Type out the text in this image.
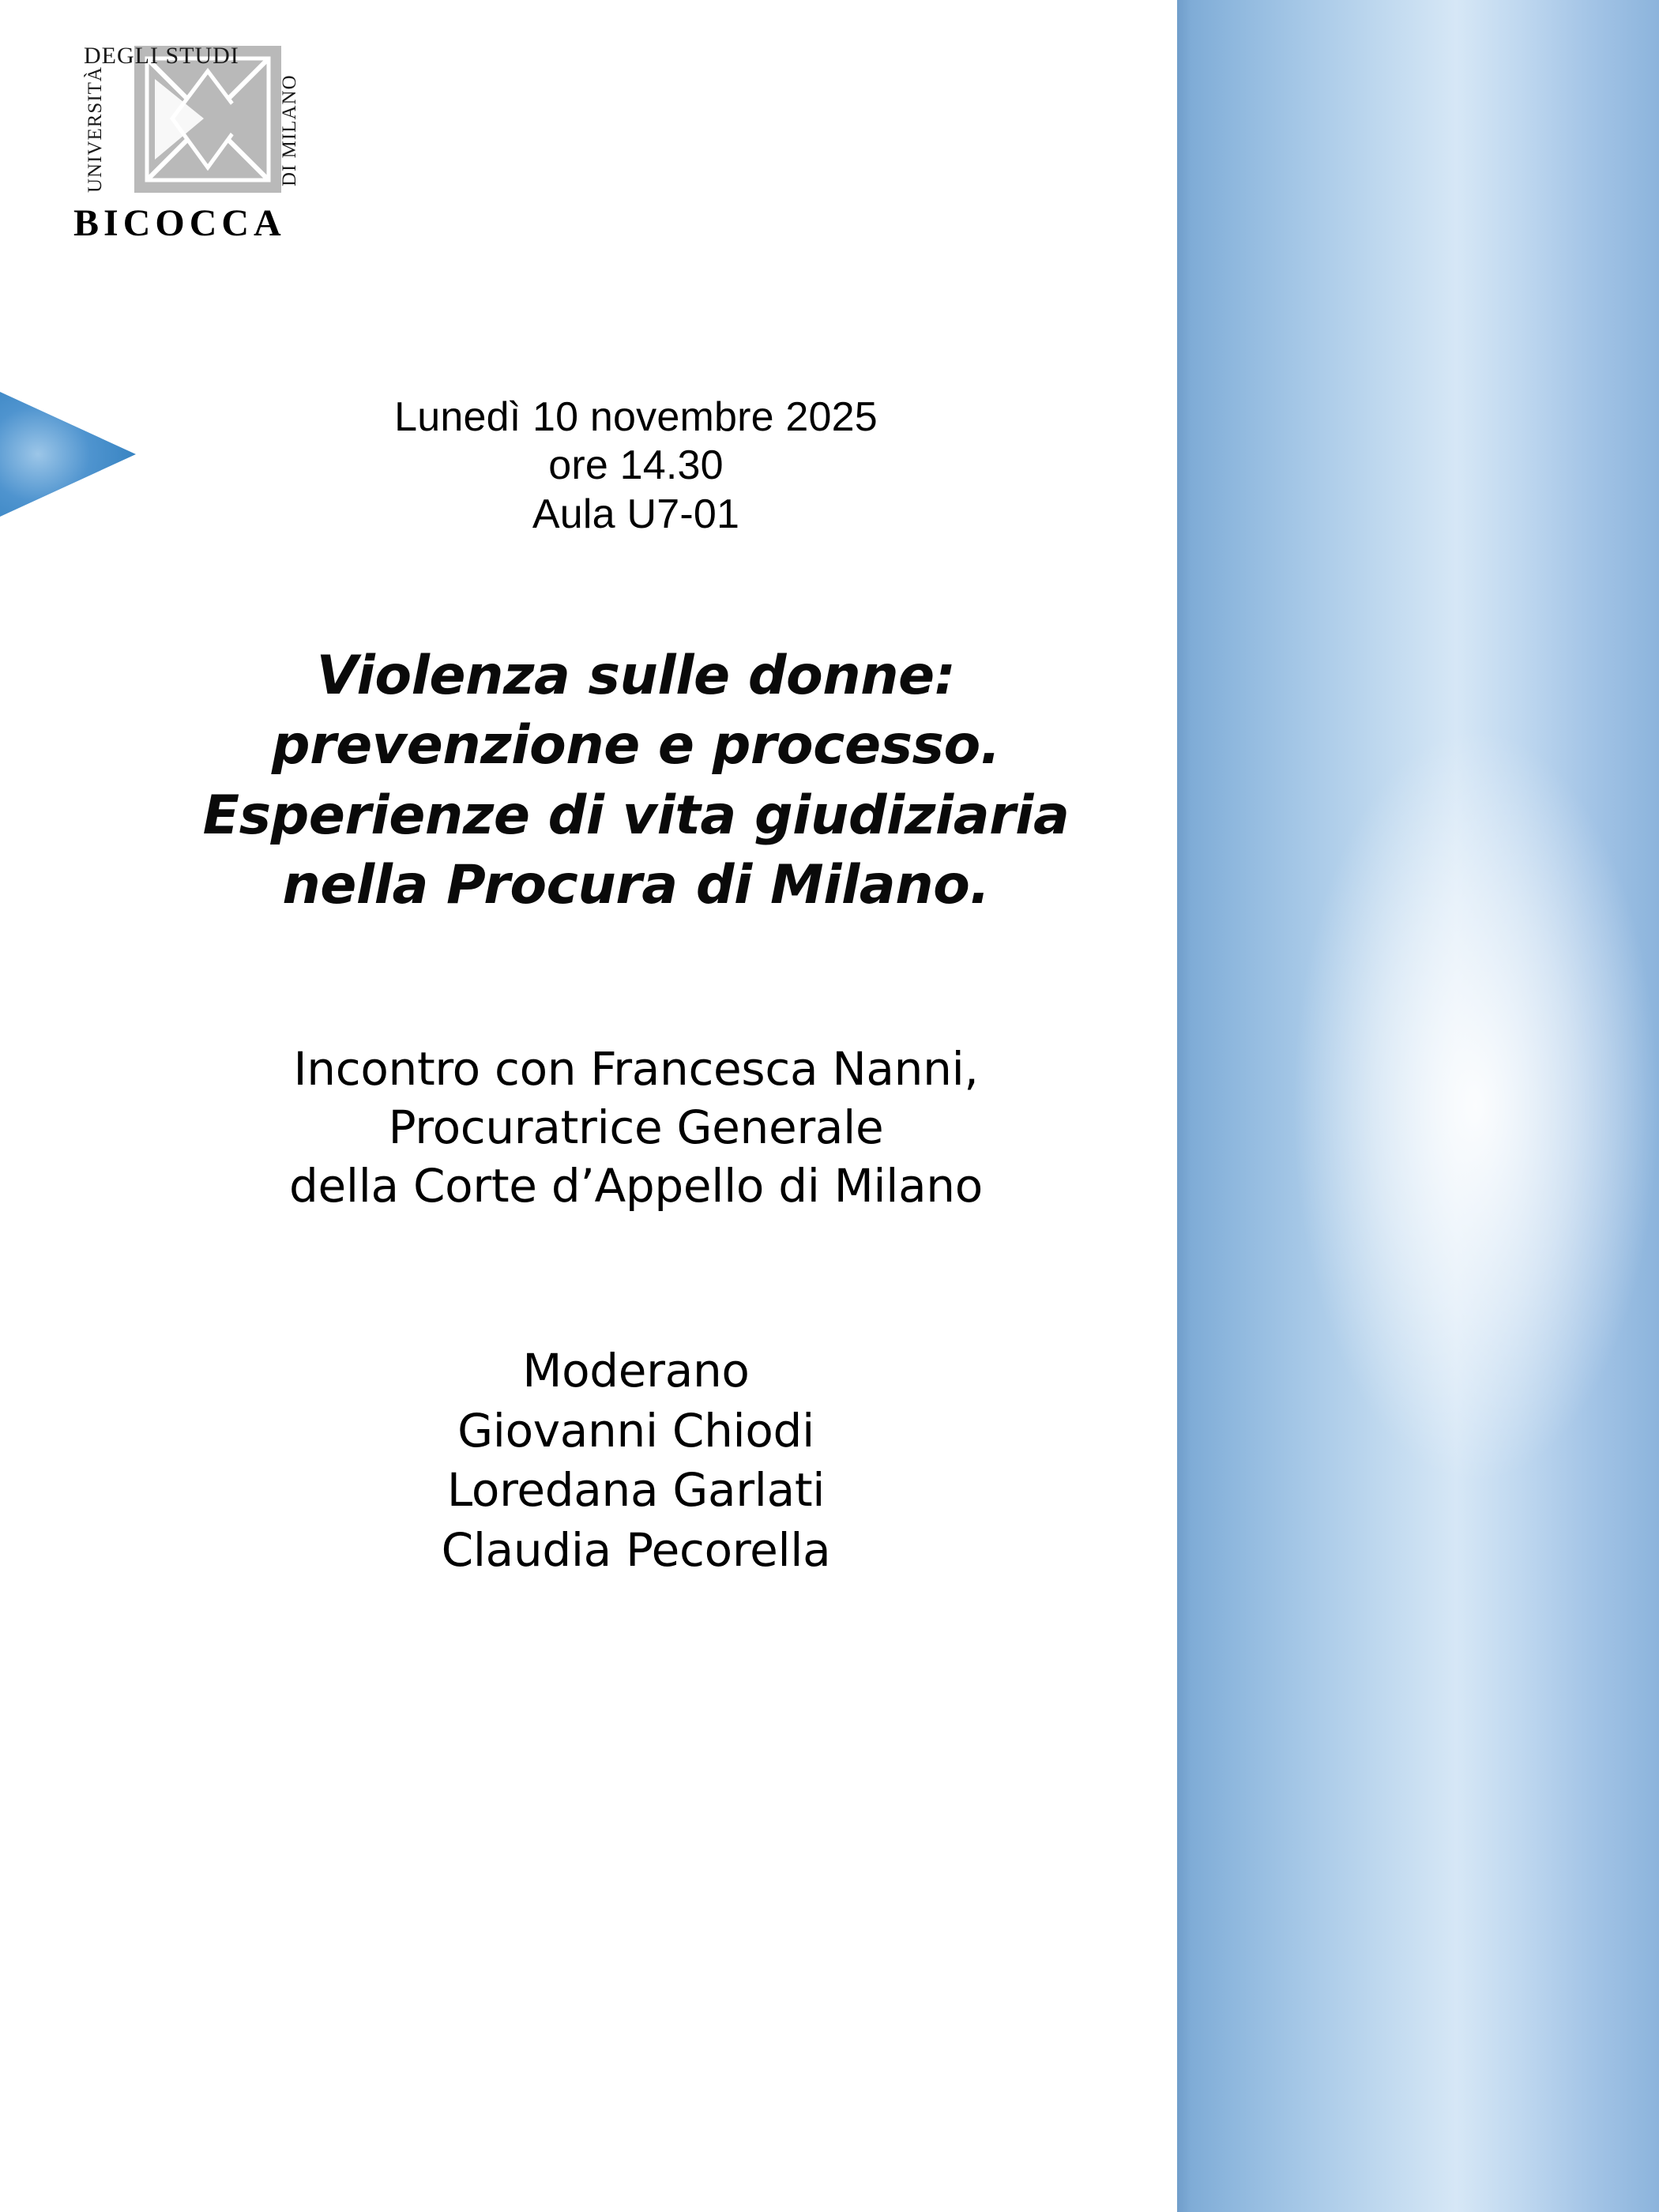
UNIVERSITÀ
DEGLI STUDI
DI MILANO
BICOCCA
Lunedì 10 novembre 2025
ore 14.30
Aula U7-01
Violenza sulle donne:
prevenzione e processo.
Esperienze di vita giudiziaria
nella Procura di Milano.
Incontro con Francesca Nanni,
Procuratrice Generale
della Corte d’Appello di Milano
Moderano
Giovanni Chiodi
Loredana Garlati
Claudia Pecorella
